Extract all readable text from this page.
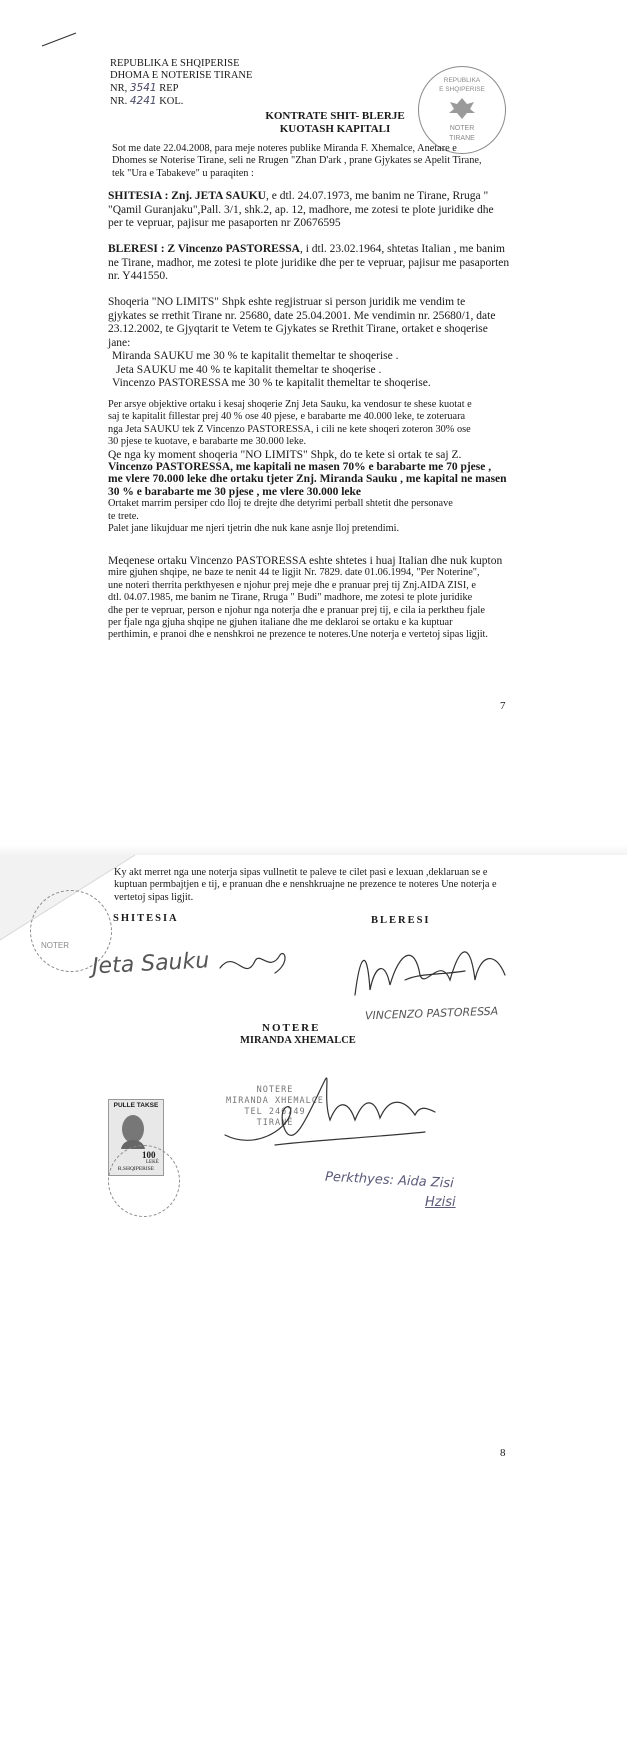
REPUBLIKA E SHQIPERISE
DHOMA E NOTERISE TIRANE
NR, 3541 REP
NR. 4241 KOL.
REPUBLIKA
E SHQIPERISE
NOTER
TIRANE
KONTRATE SHIT- BLERJE
KUOTASH KAPITALI
Sot me date 22.04.2008, para meje noteres publike Miranda F. Xhemalce, Anetare e
Dhomes se Noterise Tirane, seli ne Rrugen "Zhan D'ark , prane Gjykates se Apelit Tirane,
tek "Ura e Tabakeve" u paraqiten :
SHITESIA : Znj. JETA SAUKU, e dtl. 24.07.1973, me banim ne Tirane, Rruga "
"Qamil Guranjaku",Pall. 3/1, shk.2, ap. 12, madhore, me zotesi te plote juridike dhe
per te vepruar, pajisur me pasaporten nr Z0676595
BLERESI : Z Vincenzo PASTORESSA, i dtl. 23.02.1964, shtetas Italian , me banim
ne Tirane, madhor, me zotesi te plote juridike dhe per te vepruar, pajisur me pasaporten
nr. Y441550.
Shoqeria "NO LIMITS" Shpk eshte regjistruar si person juridik me vendim te
gjykates se rrethit Tirane nr. 25680, date 25.04.2001. Me vendimin nr. 25680/1, date
23.12.2002, te Gjyqtarit te Vetem te Gjykates se Rrethit Tirane, ortaket e shoqerise
jane:
Miranda SAUKU me 30 % te kapitalit themeltar te shoqerise .
Jeta SAUKU me 40 % te kapitalit themeltar te shoqerise .
Vincenzo PASTORESSA me 30 % te kapitalit themeltar te shoqerise.
Per arsye objektive ortaku i kesaj shoqerie Znj Jeta Sauku, ka vendosur te shese kuotat e
saj te kapitalit fillestar prej 40 % ose 40 pjese, e barabarte me 40.000 leke, te zoteruara
nga Jeta SAUKU tek Z Vincenzo PASTORESSA, i cili ne kete shoqeri zoteron 30% ose
30 pjese te kuotave, e barabarte me 30.000 leke.
Qe nga ky moment shoqeria "NO LIMITS" Shpk, do te kete si ortak te saj Z.
Vincenzo PASTORESSA, me kapitali ne masen 70% e barabarte me 70 pjese ,
me vlere 70.000 leke dhe ortaku tjeter Znj. Miranda Sauku , me kapital ne masen
30 % e barabarte me 30 pjese , me vlere 30.000 leke
Ortaket marrim persiper cdo lloj te drejte dhe detyrimi perball shtetit dhe personave
te trete.
Palet jane likujduar me njeri tjetrin dhe nuk kane asnje lloj pretendimi.
Meqenese ortaku Vincenzo PASTORESSA eshte shtetes i huaj Italian dhe nuk kupton
mire gjuhen shqipe, ne baze te nenit 44 te ligjit Nr. 7829. date 01.06.1994, "Per Noterine",
une noteri therrita perkthyesen e njohur prej meje dhe e pranuar prej tij Znj.AIDA ZISI, e
dtl. 04.07.1985, me banim ne Tirane, Rruga " Budi" madhore, me zotesi te plote juridike
dhe per te vepruar, person e njohur nga noterja dhe e pranuar prej tij, e cila ia perktheu fjale
per fjale nga gjuha shqipe ne gjuhen italiane dhe me deklaroi se ortaku e ka kuptuar
perthimin, e pranoi dhe e nenshkroi ne prezence te noteres.Une noterja e vertetoj sipas ligjit.
7
Ky akt merret nga une noterja sipas vullnetit te paleve te cilet pasi e lexuan ,deklaruan se e
kuptuan permbajtjen e tij, e pranuan dhe e nenshkruajne ne prezence te noteres Une noterja e
vertetoj sipas ligjit.
NOTER
SHITESIA	BLERESI
Jeta Sauku
VINCENZO PASTORESSA
NOTERE
MIRANDA XHEMALCE
PULLE TAKSE
100
LEKË
R.SHQIPERISE
NOTERE
MIRANDA XHEMALCE
TEL 246749
TIRANË
Perkthyes: Aida Zisi
Hzisi
8
